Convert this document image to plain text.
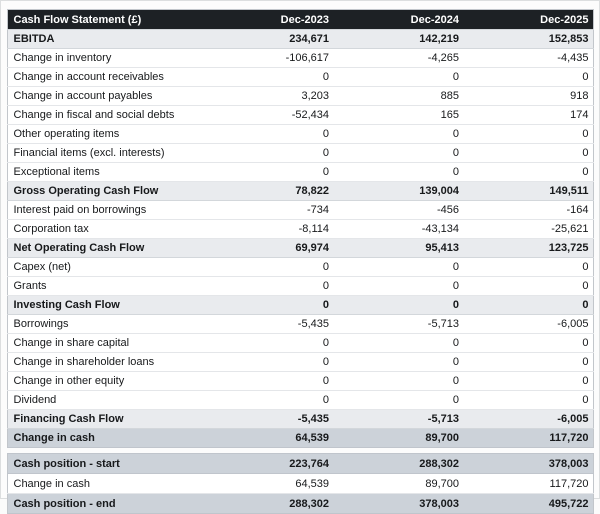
Cash Flow Statement (£)	Dec-2023	Dec-2024	Dec-2025
EBITDA	234,671	142,219	152,853
Change in inventory	-106,617	-4,265	-4,435
Change in account receivables	0	0	0
Change in account payables	3,203	885	918
Change in fiscal and social debts	-52,434	165	174
Other operating items	0	0	0
Financial items (excl. interests)	0	0	0
Exceptional items	0	0	0
Gross Operating Cash Flow	78,822	139,004	149,511
Interest paid on borrowings	-734	-456	-164
Corporation tax	-8,114	-43,134	-25,621
Net Operating Cash Flow	69,974	95,413	123,725
Capex (net)	0	0	0
Grants	0	0	0
Investing Cash Flow	0	0	0
Borrowings	-5,435	-5,713	-6,005
Change in share capital	0	0	0
Change in shareholder loans	0	0	0
Change in other equity	0	0	0
Dividend	0	0	0
Financing Cash Flow	-5,435	-5,713	-6,005
Change in cash	64,539	89,700	117,720
Cash position - start	223,764	288,302	378,003
Change in cash	64,539	89,700	117,720
Cash position - end	288,302	378,003	495,722
